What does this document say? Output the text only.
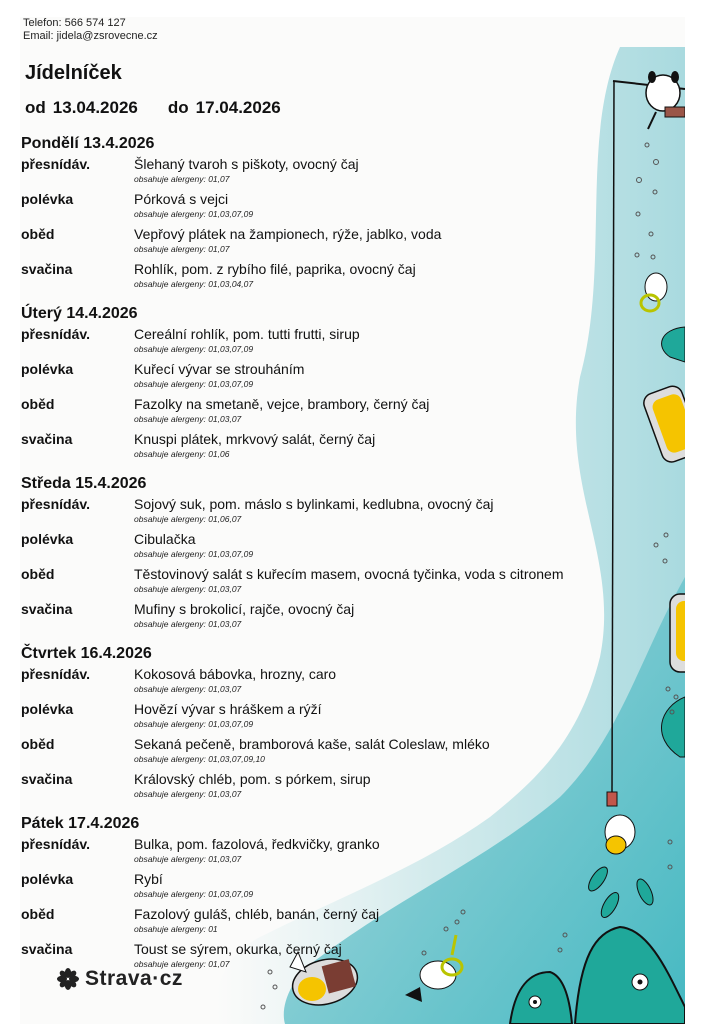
Telefon: 566 574 127
Email: jidela@zsrovecne.cz
Jídelníček
od 13.04.2026 do 17.04.2026
Pondělí 13.4.2026
přesnídáv.	Šlehaný tvaroh s piškoty, ovocný čaj
obsahuje alergeny: 01,07
polévka	Pórková s vejci
obsahuje alergeny: 01,03,07,09
oběd	Vepřový plátek na žampionech, rýže, jablko, voda
obsahuje alergeny: 01,07
svačina	Rohlík, pom. z rybího filé, paprika, ovocný čaj
obsahuje alergeny: 01,03,04,07
Úterý 14.4.2026
přesnídáv.	Cereální rohlík, pom. tutti frutti, sirup
obsahuje alergeny: 01,03,07,09
polévka	Kuřecí vývar se strouháním
obsahuje alergeny: 01,03,07,09
oběd	Fazolky na smetaně, vejce, brambory, černý čaj
obsahuje alergeny: 01,03,07
svačina	Knuspi plátek, mrkvový salát, černý čaj
obsahuje alergeny: 01,06
Středa 15.4.2026
přesnídáv.	Sojový suk, pom. máslo s bylinkami, kedlubna, ovocný čaj
obsahuje alergeny: 01,06,07
polévka	Cibulačka
obsahuje alergeny: 01,03,07,09
oběd	Těstovinový salát s kuřecím masem, ovocná tyčinka, voda s citronem
obsahuje alergeny: 01,03,07
svačina	Mufiny s brokolicí, rajče, ovocný čaj
obsahuje alergeny: 01,03,07
Čtvrtek 16.4.2026
přesnídáv.	Kokosová bábovka, hrozny, caro
obsahuje alergeny: 01,03,07
polévka	Hovězí vývar s hráškem a rýží
obsahuje alergeny: 01,03,07,09
oběd	Sekaná pečeně, bramborová kaše, salát Coleslaw, mléko
obsahuje alergeny: 01,03,07,09,10
svačina	Královský chléb, pom. s pórkem, sirup
obsahuje alergeny: 01,03,07
Pátek 17.4.2026
přesnídáv.	Bulka, pom. fazolová, ředkvičky, granko
obsahuje alergeny: 01,03,07
polévka	Rybí
obsahuje alergeny: 01,03,07,09
oběd	Fazolový guláš, chléb, banán, černý čaj
obsahuje alergeny: 01
svačina	Toust se sýrem, okurka, černý čaj
obsahuje alergeny: 01,07
Strava·cz
